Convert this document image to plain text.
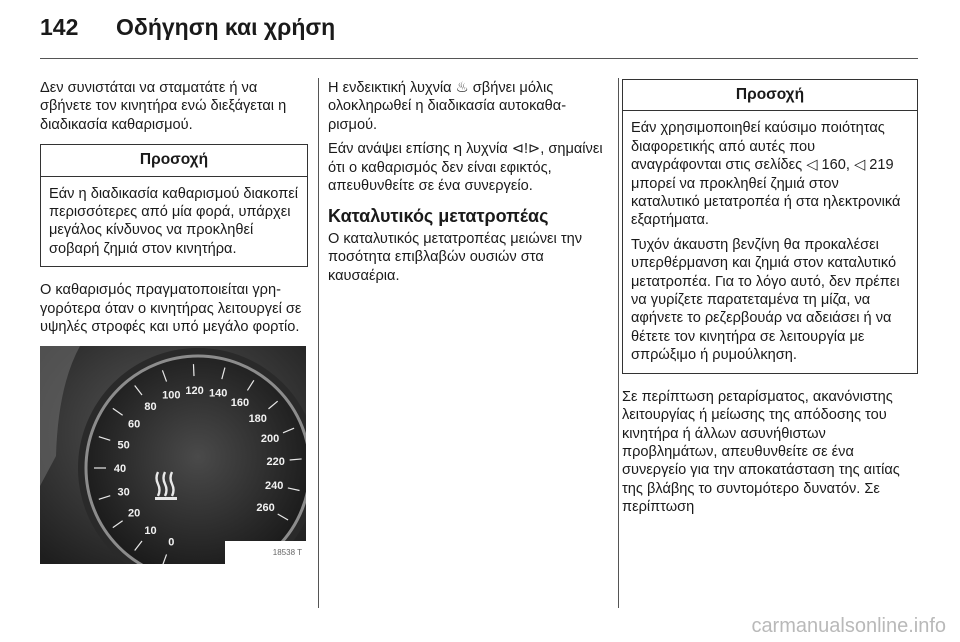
142	Οδήγηση και χρήση

Δεν συνιστάται να σταματάτε ή να σβήνετε τον κινητήρα ενώ διεξάγεται η διαδικασία καθαρισμού.

Προσοχή

Εάν η διαδικασία καθαρισμού διακοπεί περισσότερες από μία φορά, υπάρχει μεγάλος κίνδυνος να προκληθεί σοβαρή ζημιά στον κινητήρα.

Ο καθαρισμός πραγματοποιείται γρηγορότερα όταν ο κινητήρας λειτουργεί σε υψηλές στροφές και υπό μεγάλο φορτίο.

0
10
20
30
40
50
60
80
100 120 140
160
180
200
220
240
260
18538 T

Η ενδεικτική λυχνία ♨ σβήνει μόλις ολοκληρωθεί η διαδικασία αυτοκαθαρισμού.

Εάν ανάψει επίσης η λυχνία ⊲!⊳, σημαίνει ότι ο καθαρισμός δεν είναι εφικτός, απευθυνθείτε σε ένα συνεργείο.

Καταλυτικός μετατροπέας

Ο καταλυτικός μετατροπέας μειώνει την ποσότητα επιβλαβών ουσιών στα καυσαέρια.

Προσοχή

Εάν χρησιμοποιηθεί καύσιμο ποιότητας διαφορετικής από αυτές που αναγράφονται στις σελίδες ◁ 160, ◁ 219 μπορεί να προκληθεί ζημιά στον καταλυτικό μετατροπέα ή στα ηλεκτρονικά εξαρτήματα.

Τυχόν άκαυστη βενζίνη θα προκαλέσει υπερθέρμανση και ζημιά στον καταλυτικό μετατροπέα. Για το λόγο αυτό, δεν πρέπει να γυρίζετε παρατεταμένα τη μίζα, να αφήνετε το ρεζερβουάρ να αδειάσει ή να θέτετε τον κινητήρα σε λειτουργία με σπρώξιμο ή ρυμούλκηση.

Σε περίπτωση ρεταρίσματος, ακανόνιστης λειτουργίας ή μείωσης της απόδοσης του κινητήρα ή άλλων ασυνήθιστων προβλημάτων, απευθυνθείτε σε ένα συνεργείο για την αποκατάσταση της αιτίας της βλάβης το συντομότερο δυνατόν. Σε περίπτωση

carmanualsonline.info
